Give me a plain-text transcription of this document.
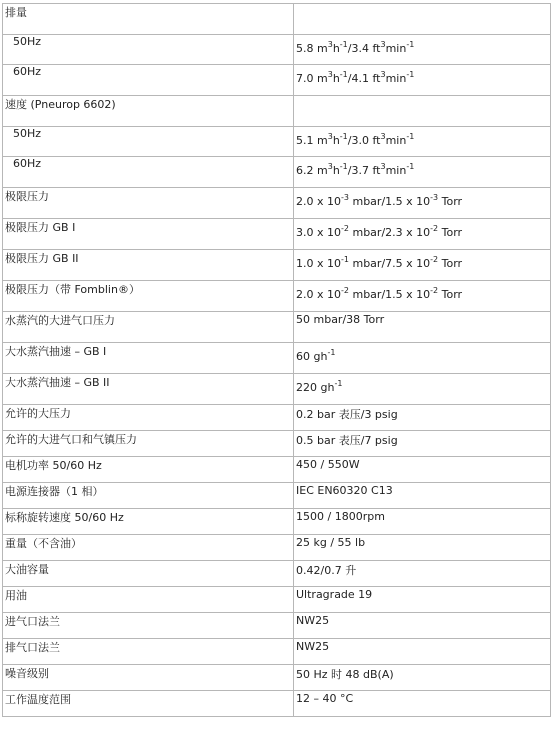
排量	
50Hz	5.8 $m^3h^{-1}/3.4$ $ft^3\min^{-1}$
60Hz	7.0 $m^3h^{-1}/4.1$ $ft^3\min^{-1}$
速度 (Pneurop 6602)	
50Hz	5.1 $m^3h^{-1}/3.0$ $ft^3\min^{-1}$
60Hz	6.2 $m^3h^{-1}/3.7$ $ft^3\min^{-1}$
极限压力	2.0 x $10^{-3}$ mbar/1.5 x $10^{-3}$ Torr
极限压力 GB I	3.0 x $10^{-2}$ mbar/2.3 x $10^{-2}$ Torr
极限压力 GB II	1.0 x $10^{-1}$ mbar/7.5 x $10^{-2}$ Torr
极限压力（带 Fomblin®）	2.0 x $10^{-2}$ mbar/1.5 x $10^{-2}$ Torr
水蒸汽的大进气口压力	50 mbar/38 Torr
大水蒸汽抽速 – GB I	60 $gh^{-1}$
大水蒸汽抽速 – GB II	220 $gh^{-1}$
允许的大压力	0.2 bar 表压/3 psig
允许的大进气口和气镇压力	0.5 bar 表压/7 psig
电机功率 50/60 Hz	450 / 550W
电源连接器（1 相）	IEC EN60320 C13
标称旋转速度 50/60 Hz	1500 / 1800rpm
重量（不含油）	25 kg / 55 lb
大油容量	0.42/0.7 升
用油	Ultragrade 19
进气口法兰	NW25
排气口法兰	NW25
噪音级别	50 Hz 时 48 dB(A)
工作温度范围	12 – 40 °C
